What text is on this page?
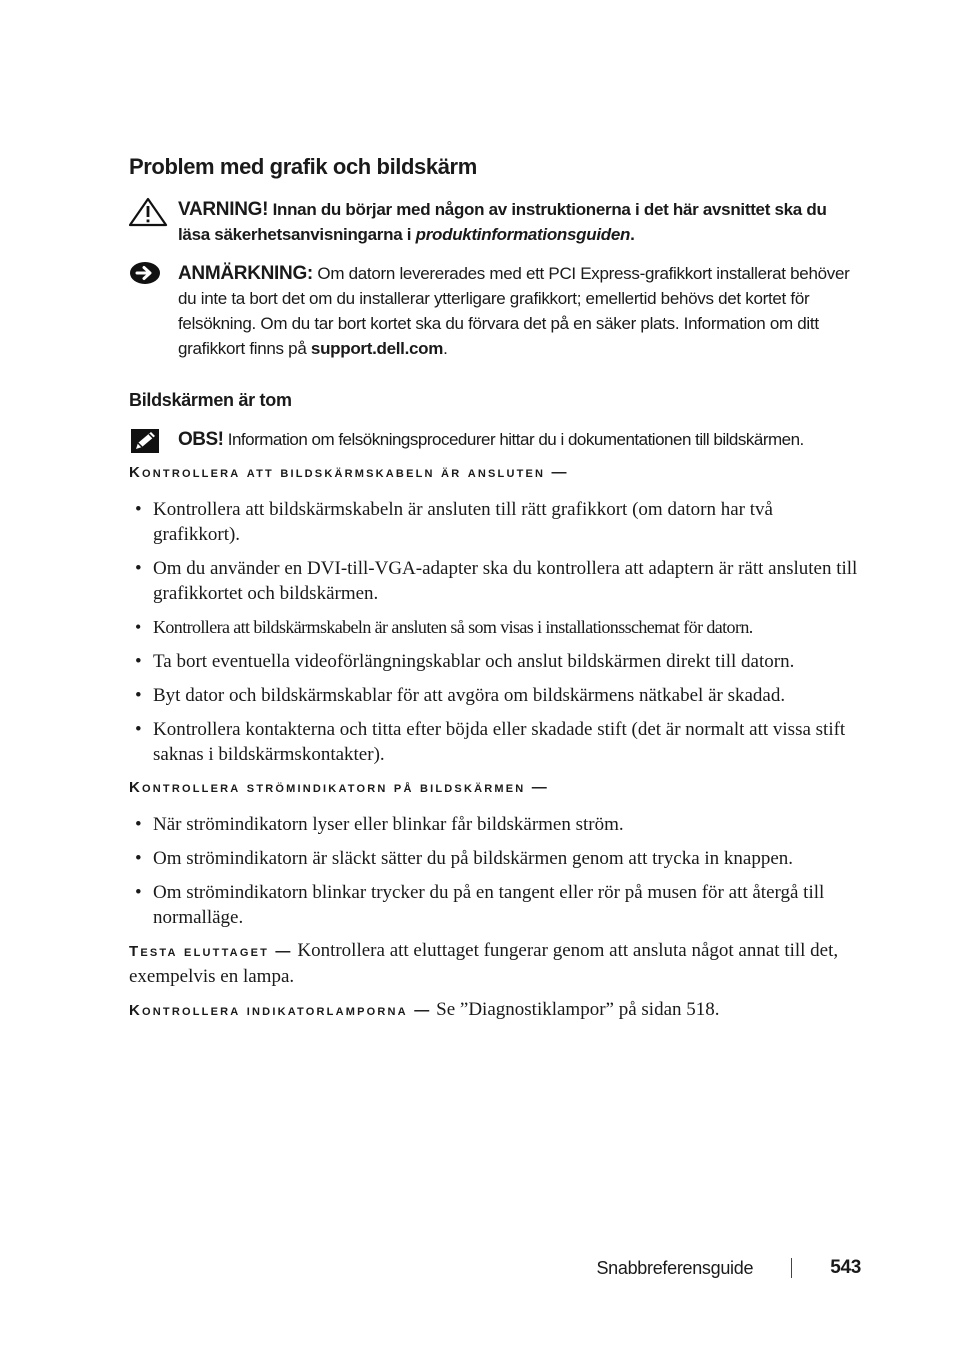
Problem med grafik och bildskärm
VARNING! Innan du börjar med någon av instruktionerna i det här avsnittet ska du läsa säkerhetsanvisningarna i produktinformationsguiden.
ANMÄRKNING: Om datorn levererades med ett PCI Express-grafikkort installerat behöver du inte ta bort det om du installerar ytterligare grafikkort; emellertid behövs det kortet för felsökning. Om du tar bort kortet ska du förvara det på en säker plats. Information om ditt grafikkort finns på support.dell.com.
Bildskärmen är tom
OBS! Information om felsökningsprocedurer hittar du i dokumentationen till bildskärmen.
Kontrollera att bildskärmskabeln är ansluten —
• Kontrollera att bildskärmskabeln är ansluten till rätt grafikkort (om datorn har två grafikkort).
• Om du använder en DVI-till-VGA-adapter ska du kontrollera att adaptern är rätt ansluten till grafikkortet och bildskärmen.
• Kontrollera att bildskärmskabeln är ansluten så som visas i installationsschemat för datorn.
• Ta bort eventuella videoförlängningskablar och anslut bildskärmen direkt till datorn.
• Byt dator och bildskärmskablar för att avgöra om bildskärmens nätkabel är skadad.
• Kontrollera kontakterna och titta efter böjda eller skadade stift (det är normalt att vissa stift saknas i bildskärmskontakter).
Kontrollera strömindikatorn på bildskärmen —
• När strömindikatorn lyser eller blinkar får bildskärmen ström.
• Om strömindikatorn är släckt sätter du på bildskärmen genom att trycka in knappen.
• Om strömindikatorn blinkar trycker du på en tangent eller rör på musen för att återgå till normalläge.

Testa eluttaget — Kontrollera att eluttaget fungerar genom att ansluta något annat till det, exempelvis en lampa.

Kontrollera indikatorlamporna — Se ”Diagnostiklampor” på sidan 518.

Snabbreferensguide	543
